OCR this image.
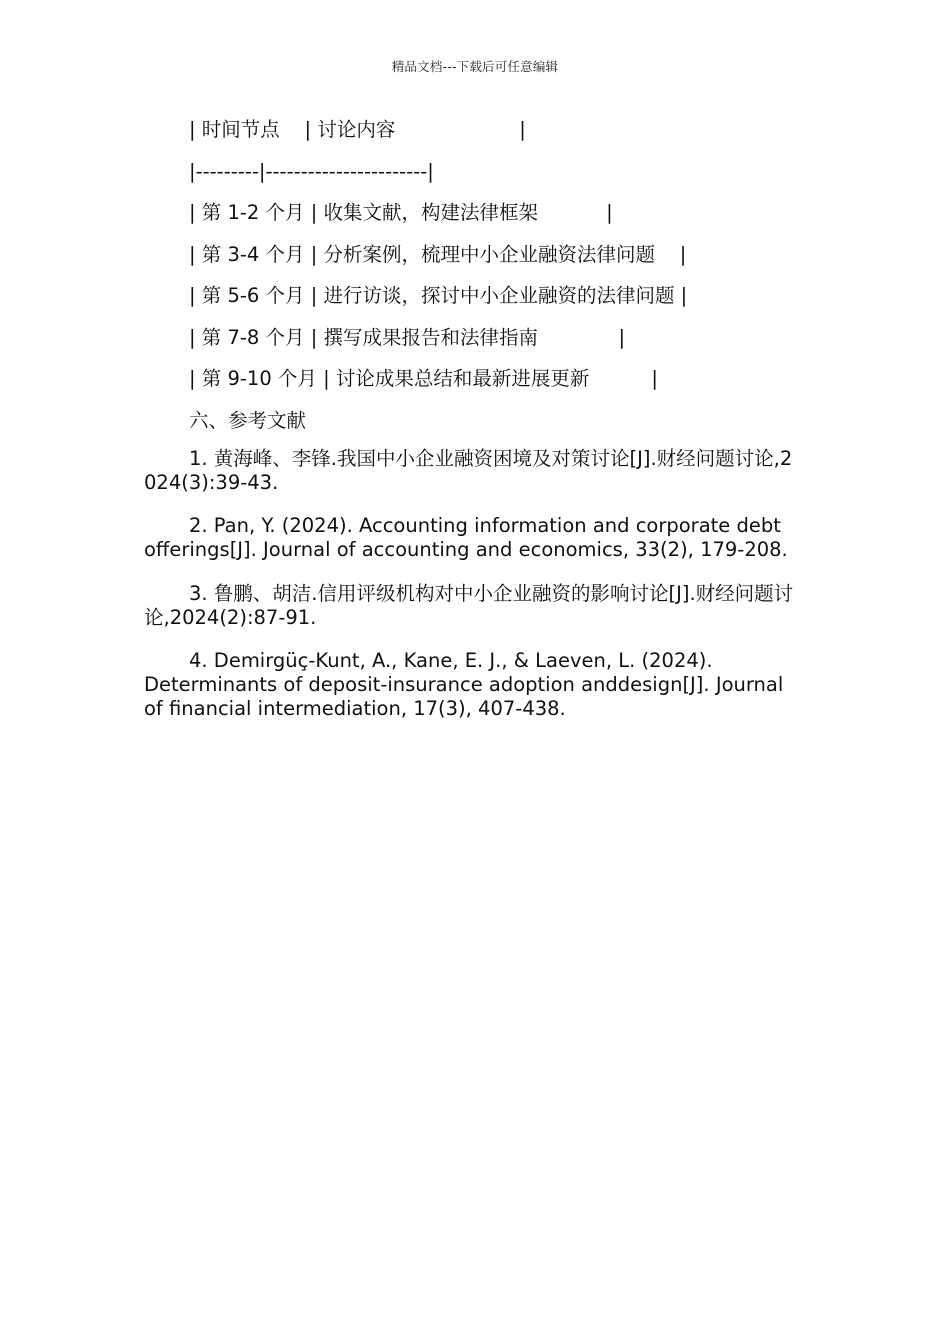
精品文档---下载后可任意编辑
| 时间节点    | 讨论内容                    |
|---------|-----------------------|
| 第 1-2 个月 | 收集文献，构建法律框架           |
| 第 3-4 个月 | 分析案例，梳理中小企业融资法律问题    |
| 第 5-6 个月 | 进行访谈，探讨中小企业融资的法律问题 |
| 第 7-8 个月 | 撰写成果报告和法律指南             |
| 第 9-10 个月 | 讨论成果总结和最新进展更新          |
六、参考文献

1. 黄海峰、李锋.我国中小企业融资困境及对策讨论[J].财经问题讨论,2024(3):39-43.

2. Pan, Y. (2024). Accounting information and corporate debt offerings[J]. Journal of accounting and economics, 33(2), 179-208.

3. 鲁鹏、胡洁.信用评级机构对中小企业融资的影响讨论[J].财经问题讨论,2024(2):87-91.

4. Demirgüç-Kunt, A., Kane, E. J., & Laeven, L. (2024). Determinants of deposit-insurance adoption anddesign[J]. Journal of financial intermediation, 17(3), 407-438.
